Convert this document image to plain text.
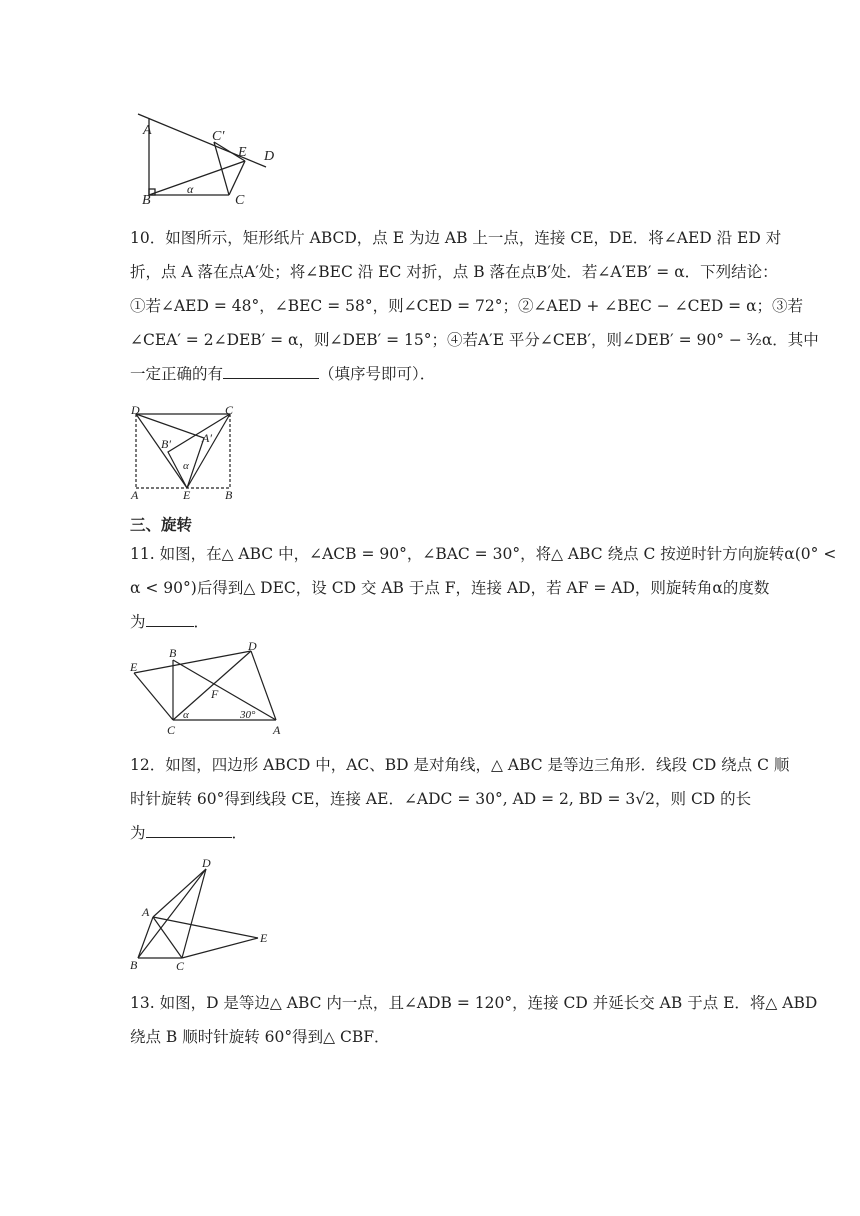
A	C′
E D
B
α
C
10．如图所示，矩形纸片 ABCD，点 E 为边 AB 上一点，连接 CE，DE．将∠AED 沿 ED 对
折，点 A 落在点A′处；将∠BEC 沿 EC 对折，点 B 落在点B′处．若∠A′EB′ = α．下列结论：
①若∠AED = 48°，∠BEC = 58°，则∠CED = 72°；②∠AED + ∠BEC − ∠CED = α；③若
∠CEA′ = 2∠DEB′ = α，则∠DEB′ = 15°；④若A′E 平分∠CEB′，则∠DEB′ = 90° − ³⁄₂α．其中
一定正确的有	（填序号即可）．
D	C
B′	A′
α
A	E	B
三、旋转
11. 如图，在△ ABC 中，∠ACB = 90°，∠BAC = 30°，将△ ABC 绕点 C 按逆时针方向旋转α(0° <
α < 90°)后得到△ DEC，设 CD 交 AB 于点 F，连接 AD，若 AF = AD，则旋转角α的度数
为	．
E
B	D
F
C
α	30°
A
12．如图，四边形 ABCD 中，AC、BD 是对角线，△ ABC 是等边三角形．线段 CD 绕点 C 顺
时针旋转 60°得到线段 CE，连接 AE．∠ADC = 30°, AD = 2, BD = 3√2，则 CD 的长
为	．
D
A
E
B	C
13. 如图，D 是等边△ ABC 内一点，且∠ADB = 120°，连接 CD 并延长交 AB 于点 E．将△ ABD
绕点 B 顺时针旋转 60°得到△ CBF．
